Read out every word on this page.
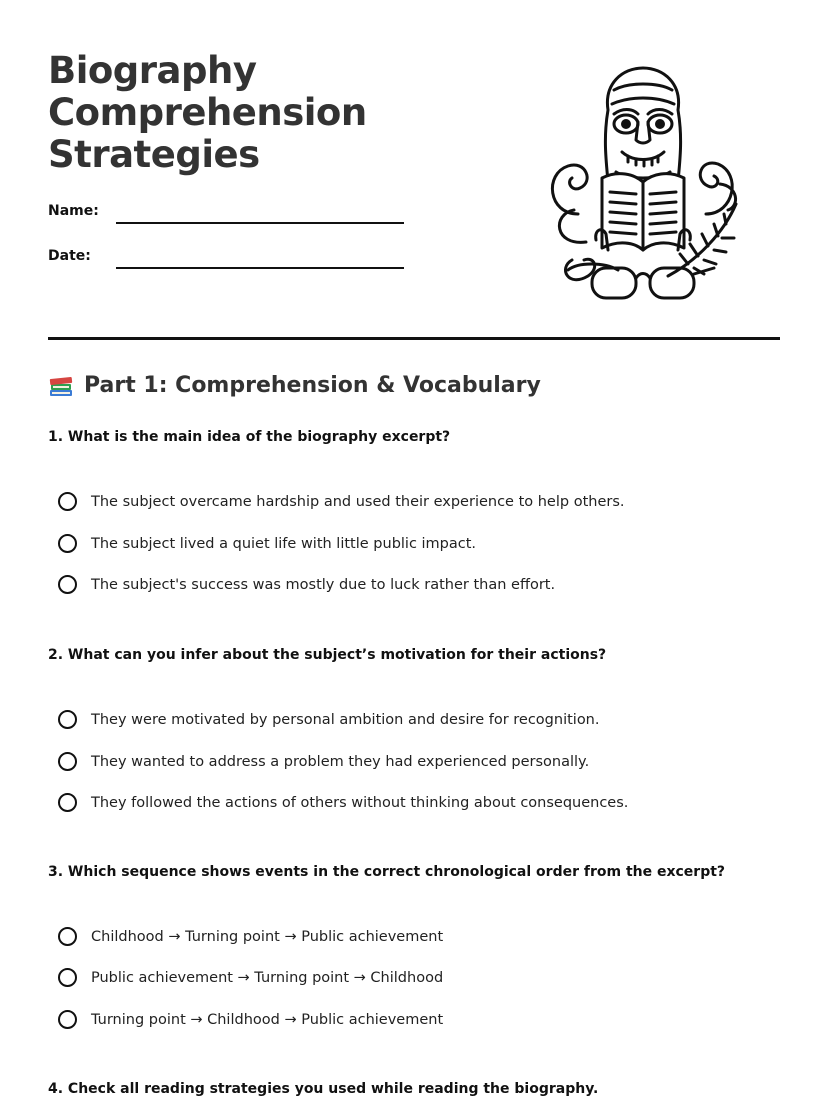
Biography
Comprehension
Strategies
Name:
Date:
Part 1: Comprehension & Vocabulary
1. What is the main idea of the biography excerpt?
The subject overcame hardship and used their experience to help others.
The subject lived a quiet life with little public impact.
The subject's success was mostly due to luck rather than effort.
2. What can you infer about the subject’s motivation for their actions?
They were motivated by personal ambition and desire for recognition.
They wanted to address a problem they had experienced personally.
They followed the actions of others without thinking about consequences.
3. Which sequence shows events in the correct chronological order from the excerpt?
Childhood → Turning point → Public achievement
Public achievement → Turning point → Childhood
Turning point → Childhood → Public achievement
4. Check all reading strategies you used while reading the biography.
